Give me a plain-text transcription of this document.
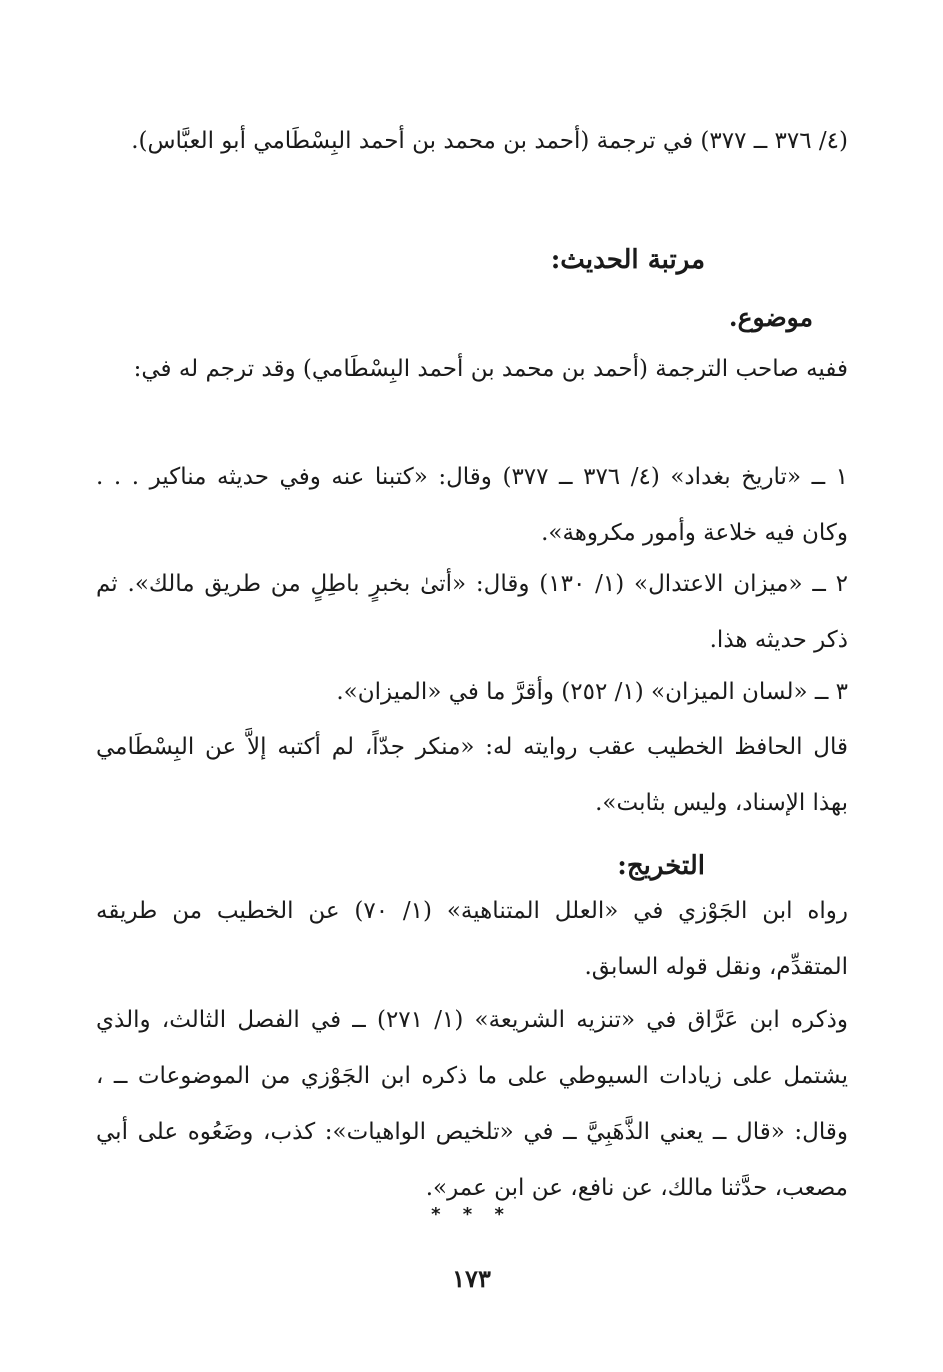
(٤/ ٣٧٦ ــ ٣٧٧) في ترجمة (أحمد بن محمد بن أحمد البِسْطَامي أبو العبَّاس).

مرتبة الحديث:

موضوع.

ففيه صاحب الترجمة (أحمد بن محمد بن أحمد البِسْطَامي) وقد ترجم له في:

١ ــ «تاريخ بغداد» (٤/ ٣٧٦ ــ ٣٧٧) وقال: «كتبنا عنه وفي حديثه مناكير . . . وكان فيه خلاعة وأمور مكروهة».

٢ ــ «ميزان الاعتدال» (١/ ١٣٠) وقال: «أتىٰ بخبرٍ باطِلٍ من طريق مالك». ثم ذكر حديثه هذا.

٣ ــ «لسان الميزان» (١/ ٢٥٢) وأقرَّ ما في «الميزان».

قال الحافظ الخطيب عقب روايته له: «منكر جدّاً، لم أكتبه إلاَّ عن البِسْطَامي بهذا الإسناد، وليس بثابت».

التخريج:

رواه ابن الجَوْزي في «العلل المتناهية» (١/ ٧٠) عن الخطيب من طريقه المتقدِّم، ونقل قوله السابق.

وذكره ابن عَرَّاق في «تنزيه الشريعة» (١/ ٢٧١) ــ في الفصل الثالث، والذي يشتمل على زيادات السيوطي على ما ذكره ابن الجَوْزي من الموضوعات ــ ، وقال: «قال ــ يعني الذَّهَبِيَّ ــ في «تلخيص الواهيات»: كذب، وضَعُوه على أبي مصعب، حدَّثنا مالك، عن نافع، عن ابن عمر».

* * *
١٧٣
